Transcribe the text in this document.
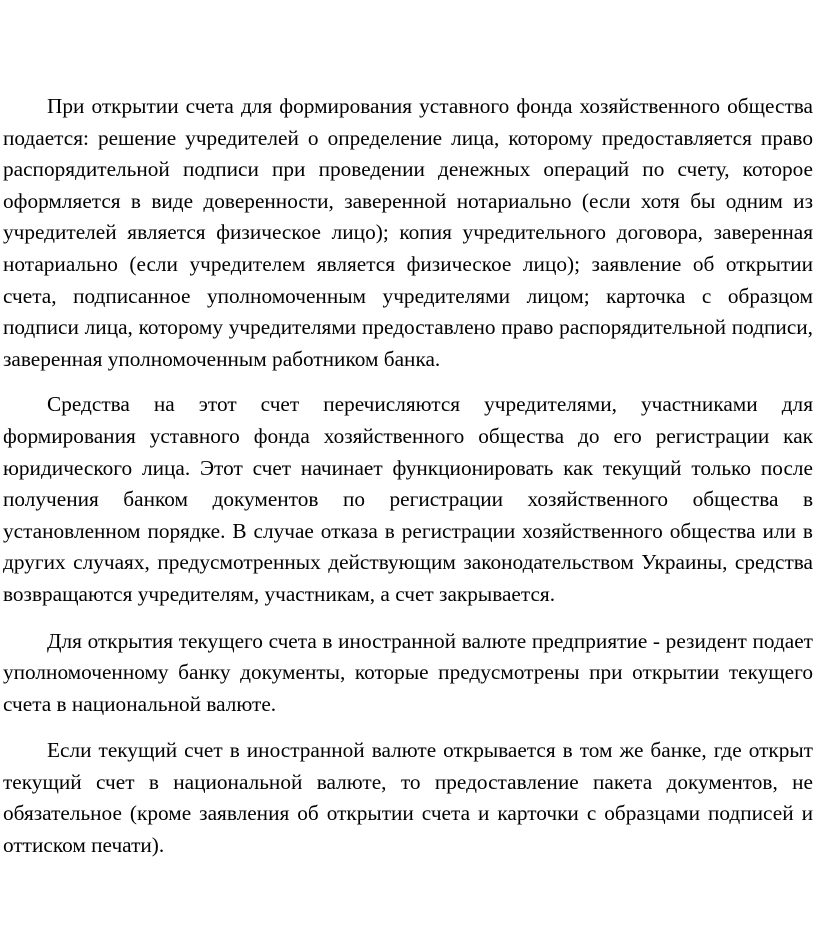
При открытии счета для формирования уставного фонда хозяйственного общества подается: решение учредителей о определение лица, которому предоставляется право распорядительной подписи при проведении денежных операций по счету, которое оформляется в виде доверенности, заверенной нотариально (если хотя бы одним из учредителей является физическое лицо); копия учредительного договора, заверенная нотариально (если учредителем является физическое лицо); заявление об открытии счета, подписанное уполномоченным учредителями лицом; карточка с образцом подписи лица, которому учредителями предоставлено право распорядительной подписи, заверенная уполномоченным работником банка.

Средства на этот счет перечисляются учредителями, участниками для формирования уставного фонда хозяйственного общества до его регистрации как юридического лица. Этот счет начинает функционировать как текущий только после получения банком документов по регистрации хозяйственного общества в установленном порядке. В случае отказа в регистрации хозяйственного общества или в других случаях, предусмотренных действующим законодательством Украины, средства возвращаются учредителям, участникам, а счет закрывается.

Для открытия текущего счета в иностранной валюте предприятие - резидент подает уполномоченному банку документы, которые предусмотрены при открытии текущего счета в национальной валюте.

Если текущий счет в иностранной валюте открывается в том же банке, где открыт текущий счет в национальной валюте, то предоставление пакета документов, не обязательное (кроме заявления об открытии счета и карточки с образцами подписей и оттиском печати).
